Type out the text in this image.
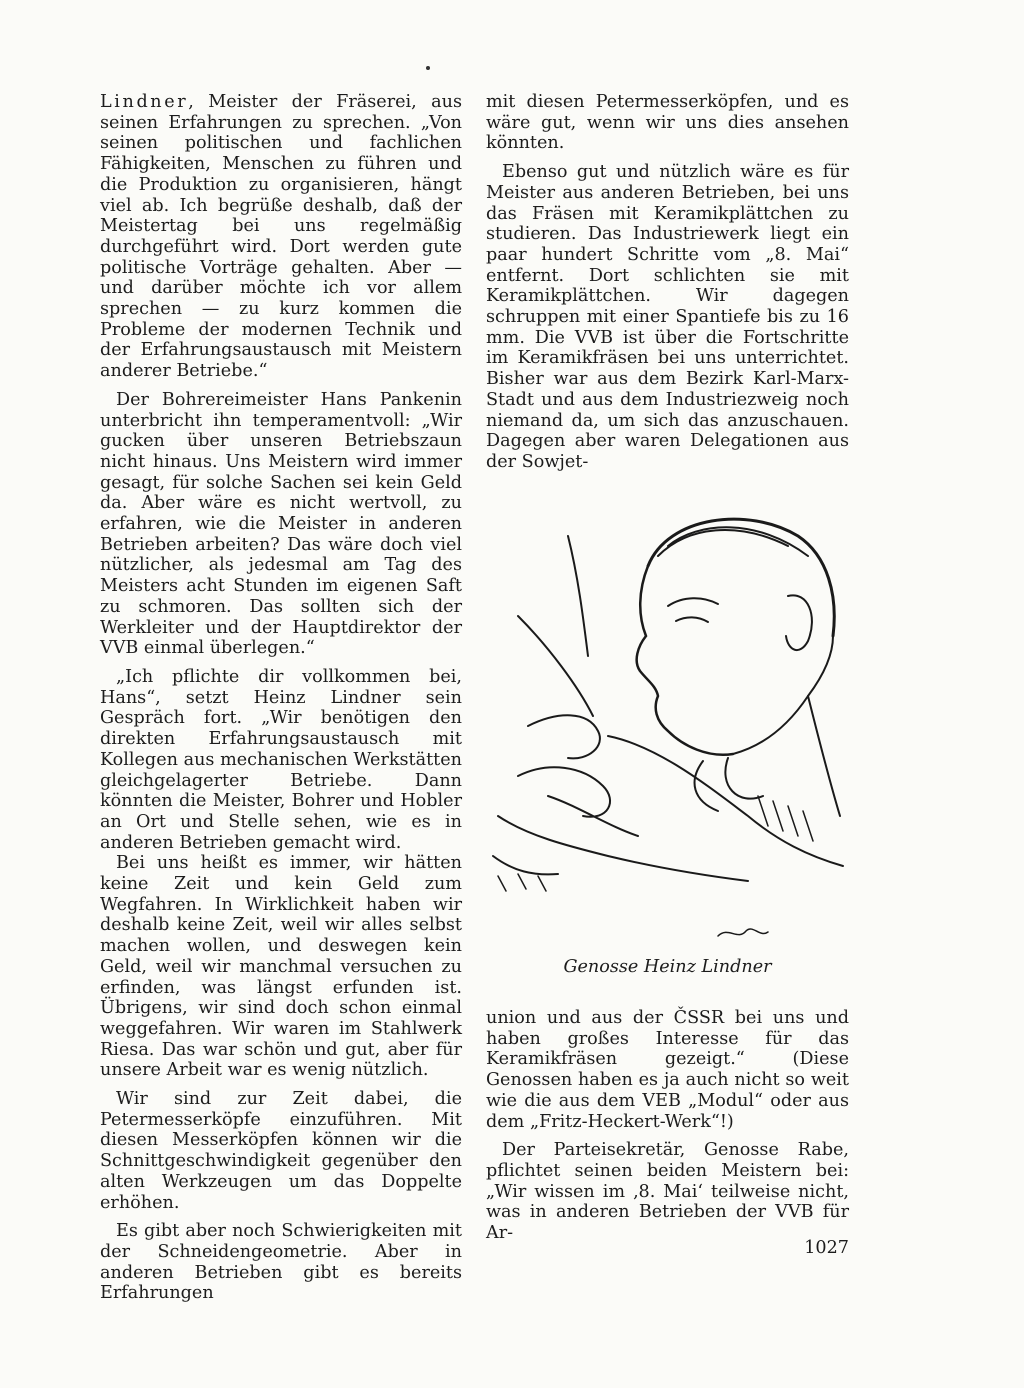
Lindner, Meister der Fräserei, aus seinen Erfahrungen zu sprechen. „Von seinen politischen und fachlichen Fähigkeiten, Menschen zu führen und die Produktion zu organisieren, hängt viel ab. Ich begrüße deshalb, daß der Meistertag bei uns regelmäßig durchgeführt wird. Dort werden gute politische Vorträge gehalten. Aber — und darüber möchte ich vor allem sprechen — zu kurz kommen die Probleme der modernen Technik und der Erfahrungsaustausch mit Meistern anderer Betriebe.“

Der Bohrereimeister Hans Pankenin unterbricht ihn temperamentvoll: „Wir gucken über unseren Betriebszaun nicht hinaus. Uns Meistern wird immer gesagt, für solche Sachen sei kein Geld da. Aber wäre es nicht wertvoll, zu erfahren, wie die Meister in anderen Betrieben arbeiten? Das wäre doch viel nützlicher, als jedesmal am Tag des Meisters acht Stunden im eigenen Saft zu schmoren. Das sollten sich der Werkleiter und der Hauptdirektor der VVB einmal überlegen.“

„Ich pflichte dir vollkommen bei, Hans“, setzt Heinz Lindner sein Gespräch fort. „Wir benötigen den direkten Erfahrungsaustausch mit Kollegen aus mechanischen Werkstätten gleichgelagerter Betriebe. Dann könnten die Meister, Bohrer und Hobler an Ort und Stelle sehen, wie es in anderen Betrieben gemacht wird.

Bei uns heißt es immer, wir hätten keine Zeit und kein Geld zum Wegfahren. In Wirklichkeit haben wir deshalb keine Zeit, weil wir alles selbst machen wollen, und deswegen kein Geld, weil wir manchmal versuchen zu erfinden, was längst erfunden ist. Übrigens, wir sind doch schon einmal weggefahren. Wir waren im Stahlwerk Riesa. Das war schön und gut, aber für unsere Arbeit war es wenig nützlich.

Wir sind zur Zeit dabei, die Petermesserköpfe einzuführen. Mit diesen Messerköpfen können wir die Schnittgeschwindigkeit gegenüber den alten Werkzeugen um das Doppelte erhöhen.

Es gibt aber noch Schwierigkeiten mit der Schneidengeometrie. Aber in anderen Betrieben gibt es bereits Erfahrungen

mit diesen Petermesserköpfen, und es wäre gut, wenn wir uns dies ansehen könnten.

Ebenso gut und nützlich wäre es für Meister aus anderen Betrieben, bei uns das Fräsen mit Keramikplättchen zu studieren. Das Industriewerk liegt ein paar hundert Schritte vom „8. Mai“ entfernt. Dort schlichten sie mit Keramikplättchen. Wir dagegen schruppen mit einer Spantiefe bis zu 16 mm. Die VVB ist über die Fortschritte im Keramikfräsen bei uns unterrichtet. Bisher war aus dem Bezirk Karl-Marx-Stadt und aus dem Industriezweig noch niemand da, um sich das anzuschauen. Dagegen aber waren Delegationen aus der Sowjet-

Genosse Heinz Lindner

union und aus der ČSSR bei uns und haben großes Interesse für das Keramikfräsen gezeigt.“ (Diese Genossen haben es ja auch nicht so weit wie die aus dem VEB „Modul“ oder aus dem „Fritz-Heckert-Werk“!)

Der Parteisekretär, Genosse Rabe, pflichtet seinen beiden Meistern bei: „Wir wissen im ‚8. Mai‘ teilweise nicht, was in anderen Betrieben der VVB für Ar-

1027
